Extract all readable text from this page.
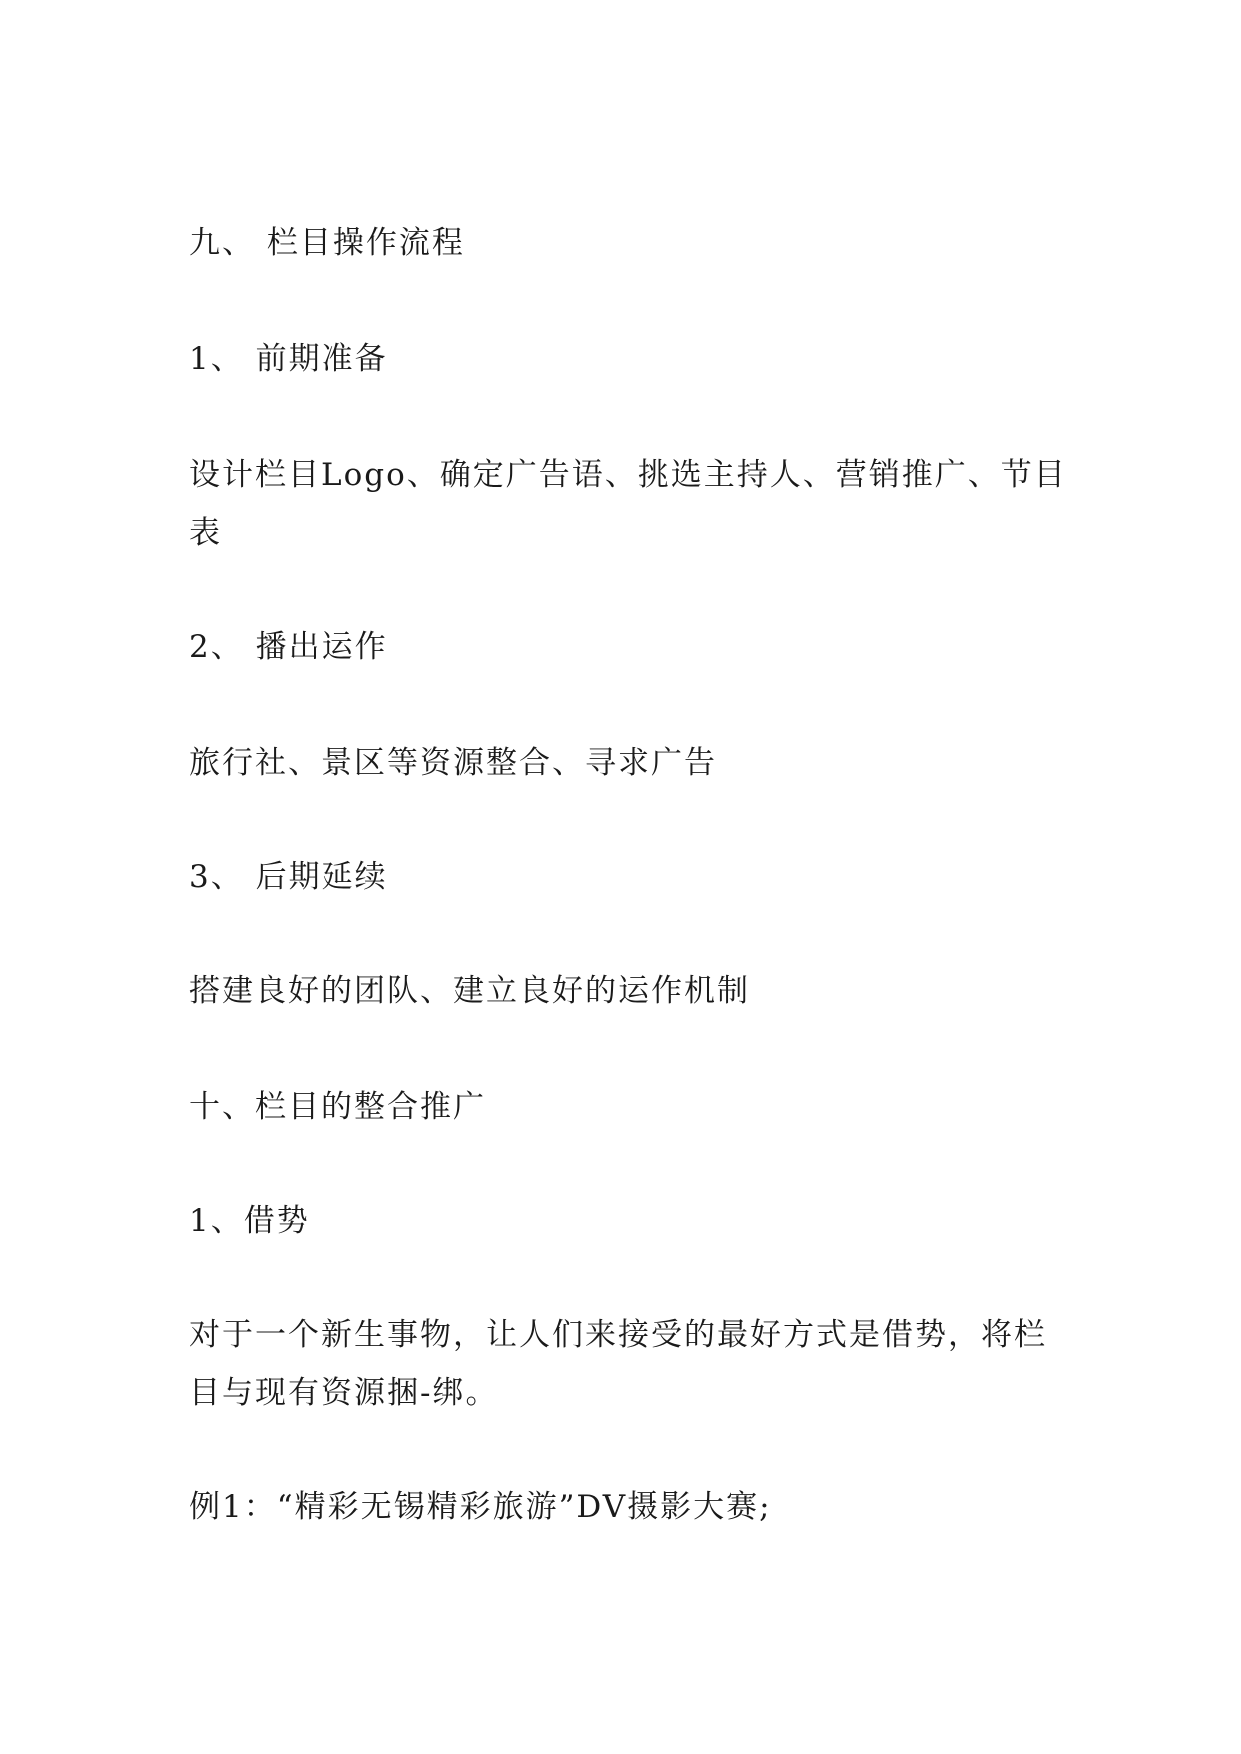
九、 栏目操作流程
1、 前期准备

设计栏目Logo、确定广告语、挑选主持人、营销推广、节目表

2、 播出运作

旅行社、景区等资源整合、寻求广告

3、 后期延续

搭建良好的团队、建立良好的运作机制

十、栏目的整合推广
1、借势

对于一个新生事物，让人们来接受的最好方式是借势，将栏目与现有资源捆-绑。

例1：“精彩无锡精彩旅游”DV摄影大赛;
